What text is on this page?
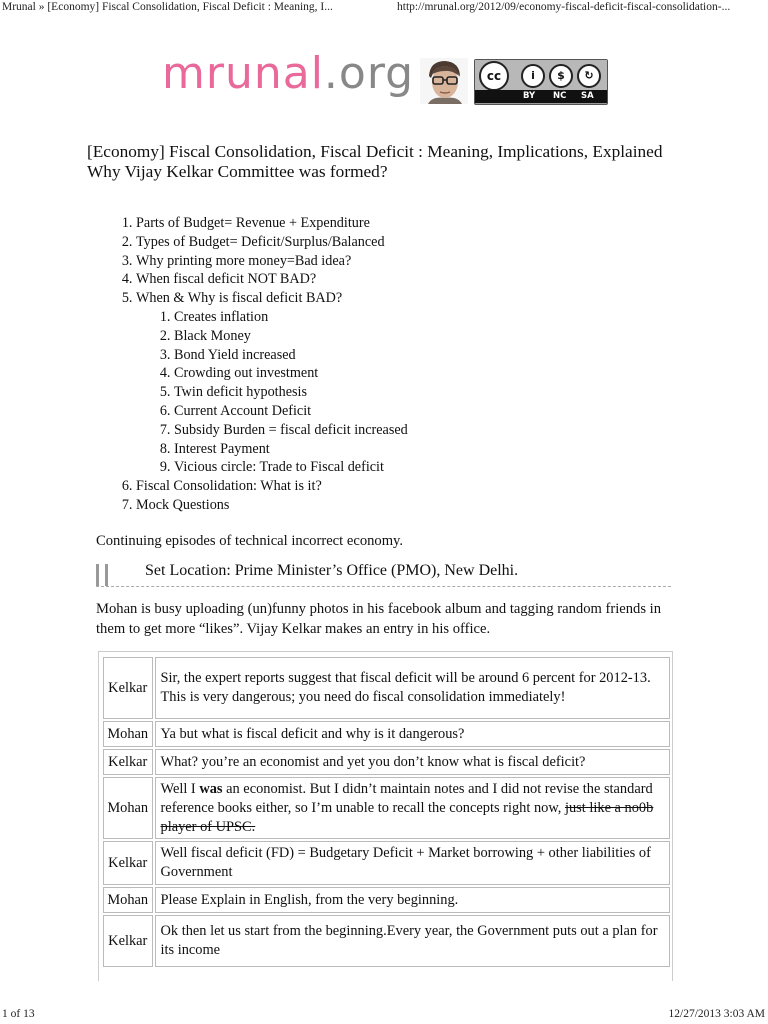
Mrunal » [Economy] Fiscal Consolidation, Fiscal Deficit : Meaning, I...	http://mrunal.org/2012/09/economy-fiscal-deficit-fiscal-consolidation-...
mrunal.org	cc	i	$	↻
BY NC SA
[Economy] Fiscal Consolidation, Fiscal Deficit : Meaning, Implications, Explained Why Vijay Kelkar Committee was formed?
1. Parts of Budget= Revenue + Expenditure
2. Types of Budget= Deficit/Surplus/Balanced
3. Why printing more money=Bad idea?
4. When fiscal deficit NOT BAD?
5. When & Why is fiscal deficit BAD?
1. Creates inflation
2. Black Money
3. Bond Yield increased
4. Crowding out investment
5. Twin deficit hypothesis
6. Current Account Deficit
7. Subsidy Burden = fiscal deficit increased
8. Interest Payment
9. Vicious circle: Trade to Fiscal deficit
6. Fiscal Consolidation: What is it?
7. Mock Questions

Continuing episodes of technical incorrect economy.

Set Location: Prime Minister’s Office (PMO), New Delhi.

Mohan is busy uploading (un)funny photos in his facebook album and tagging random friends in them to get more “likes”. Vijay Kelkar makes an entry in his office.

Kelkar	Sir, the expert reports suggest that fiscal deficit will be around 6 percent for 2012-13. This is very dangerous; you need do fiscal consolidation immediately!
Mohan	Ya but what is fiscal deficit and why is it dangerous?
Kelkar	What? you’re an economist and yet you don’t know what is fiscal deficit?
Mohan	Well I was an economist. But I didn’t maintain notes and I did not revise the standard reference books either, so I’m unable to recall the concepts right now, just like a no0b player of UPSC.
Kelkar	Well fiscal deficit (FD) = Budgetary Deficit + Market borrowing + other liabilities of Government
Mohan	Please Explain in English, from the very beginning.
Kelkar	Ok then let us start from the beginning.Every year, the Government puts out a plan for its income
1 of 13	12/27/2013 3:03 AM
